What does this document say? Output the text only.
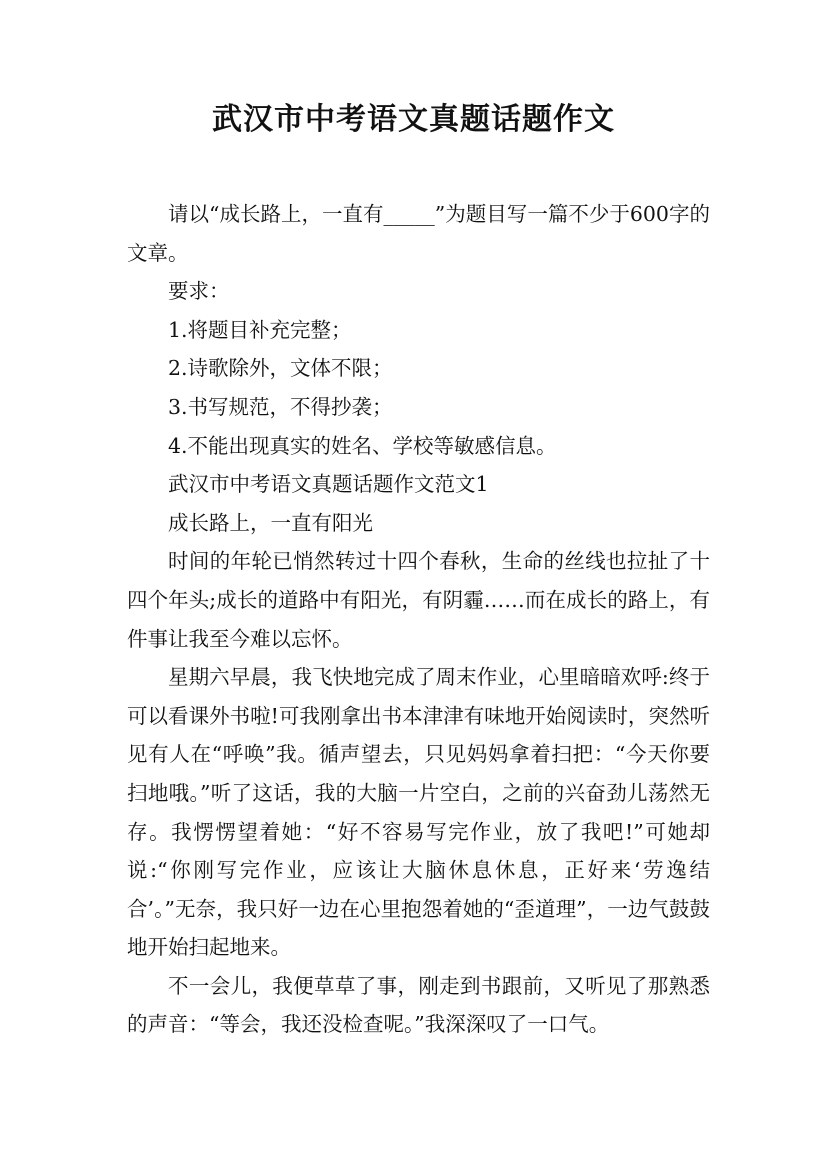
武汉市中考语文真题话题作文

请以“成长路上，一直有_____”为题目写一篇不少于600字的文章。

要求：

1.将题目补充完整；

2.诗歌除外，文体不限；

3.书写规范，不得抄袭；

4.不能出现真实的姓名、学校等敏感信息。

武汉市中考语文真题话题作文范文1

成长路上，一直有阳光

时间的年轮已悄然转过十四个春秋，生命的丝线也拉扯了十四个年头;成长的道路中有阳光，有阴霾……而在成长的路上，有件事让我至今难以忘怀。

星期六早晨，我飞快地完成了周末作业，心里暗暗欢呼:终于可以看课外书啦!可我刚拿出书本津津有味地开始阅读时，突然听见有人在“呼唤”我。循声望去，只见妈妈拿着扫把：“今天你要扫地哦。”听了这话，我的大脑一片空白，之前的兴奋劲儿荡然无存。我愣愣望着她：“好不容易写完作业，放了我吧!”可她却说:“你刚写完作业，应该让大脑休息休息，正好来‘劳逸结合’。”无奈，我只好一边在心里抱怨着她的“歪道理”，一边气鼓鼓地开始扫起地来。

不一会儿，我便草草了事，刚走到书跟前，又听见了那熟悉的声音：“等会，我还没检查呢。”我深深叹了一口气。
